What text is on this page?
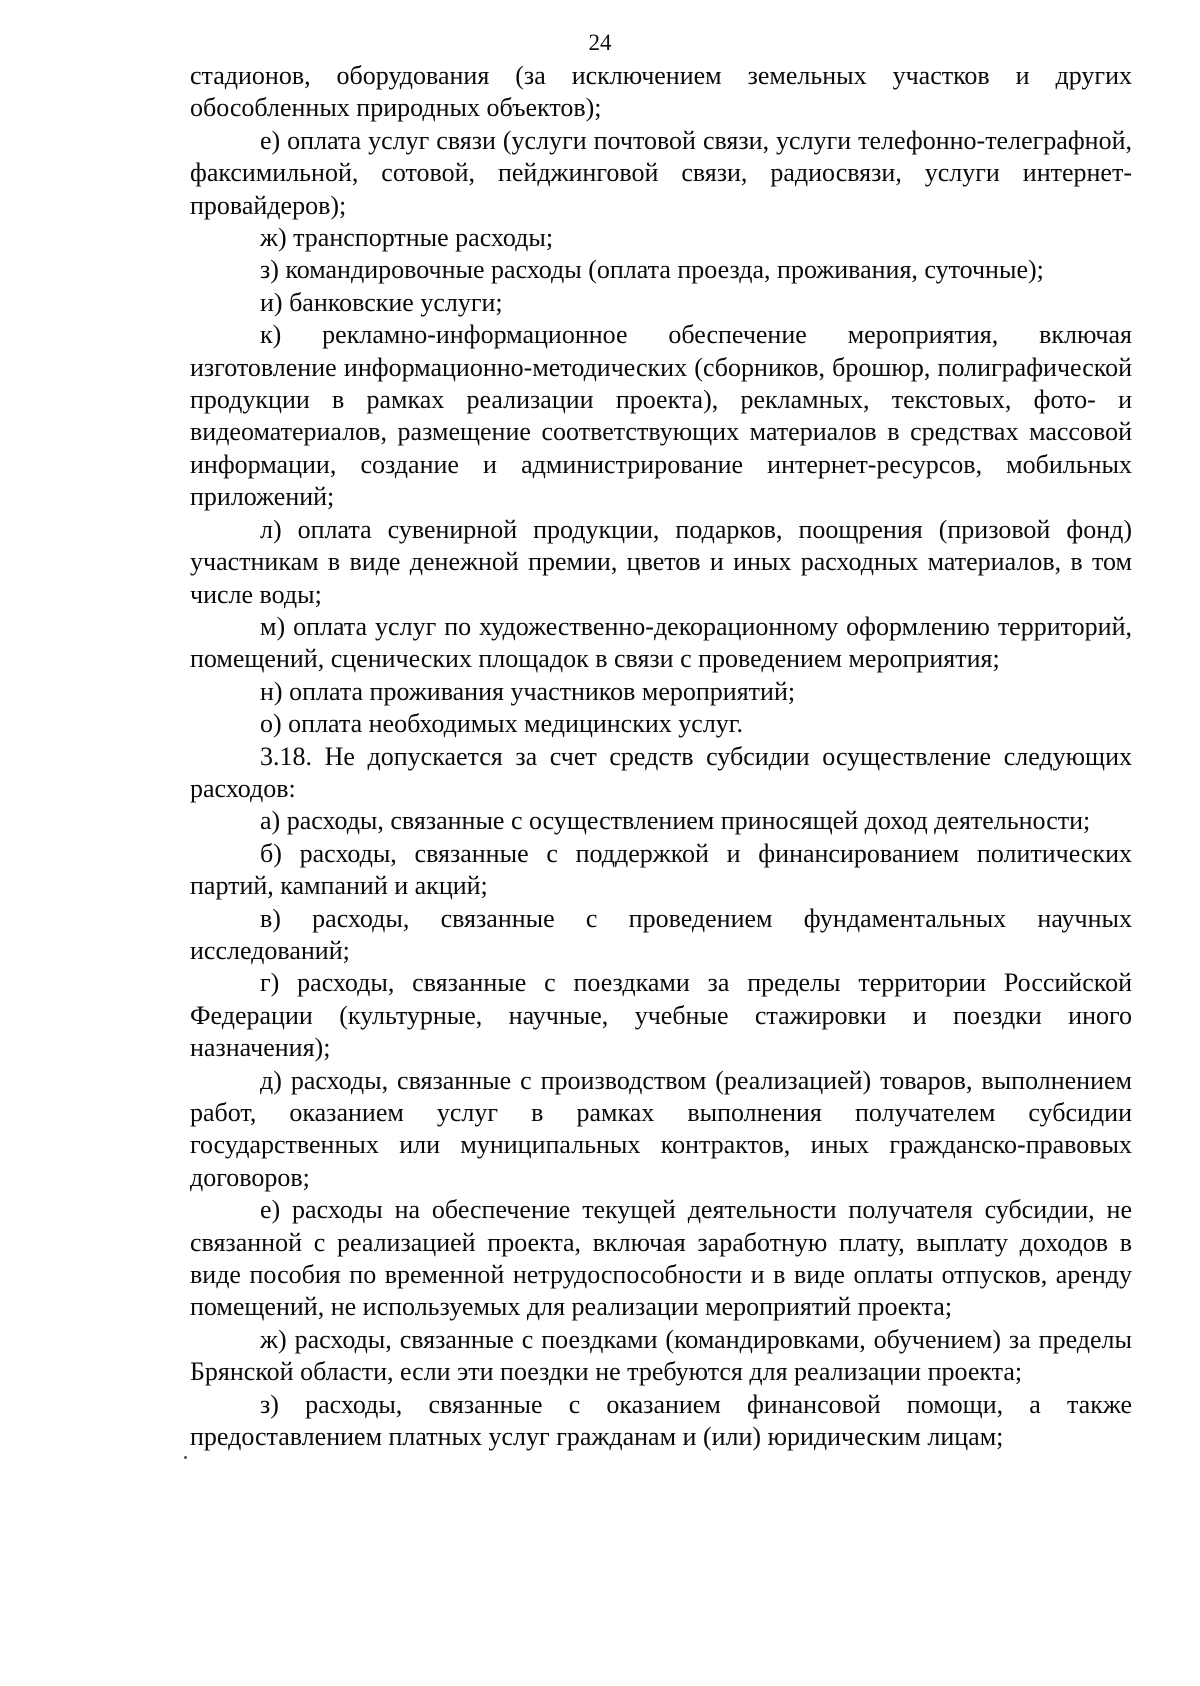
24

стадионов, оборудования (за исключением земельных участков и других обособленных природных объектов);

е) оплата услуг связи (услуги почтовой связи, услуги телефонно-телеграфной, факсимильной, сотовой, пейджинговой связи, радиосвязи, услуги интернет-провайдеров);

ж) транспортные расходы;

з) командировочные расходы (оплата проезда, проживания, суточные);

и) банковские услуги;

к) рекламно-информационное обеспечение мероприятия, включая изготовление информационно-методических (сборников, брошюр, полиграфической продукции в рамках реализации проекта), рекламных, текстовых, фото- и видеоматериалов, размещение соответствующих материалов в средствах массовой информации, создание и администрирование интернет-ресурсов, мобильных приложений;

л) оплата сувенирной продукции, подарков, поощрения (призовой фонд) участникам в виде денежной премии, цветов и иных расходных материалов, в том числе воды;

м) оплата услуг по художественно-декорационному оформлению территорий, помещений, сценических площадок в связи с проведением мероприятия;

н) оплата проживания участников мероприятий;

о) оплата необходимых медицинских услуг.

3.18. Не допускается за счет средств субсидии осуществление следующих расходов:

а) расходы, связанные с осуществлением приносящей доход деятельности;

б) расходы, связанные с поддержкой и финансированием политических партий, кампаний и акций;

в) расходы, связанные с проведением фундаментальных научных исследований;

г) расходы, связанные с поездками за пределы территории Российской Федерации (культурные, научные, учебные стажировки и поездки иного назначения);

д) расходы, связанные с производством (реализацией) товаров, выполнением работ, оказанием услуг в рамках выполнения получателем субсидии государственных или муниципальных контрактов, иных гражданско-правовых договоров;

е) расходы на обеспечение текущей деятельности получателя субсидии, не связанной с реализацией проекта, включая заработную плату, выплату доходов в виде пособия по временной нетрудоспособности и в виде оплаты отпусков, аренду помещений, не используемых для реализации мероприятий проекта;

ж) расходы, связанные с поездками (командировками, обучением) за пределы Брянской области, если эти поездки не требуются для реализации проекта;

з) расходы, связанные с оказанием финансовой помощи, а также предоставлением платных услуг гражданам и (или) юридическим лицам;
